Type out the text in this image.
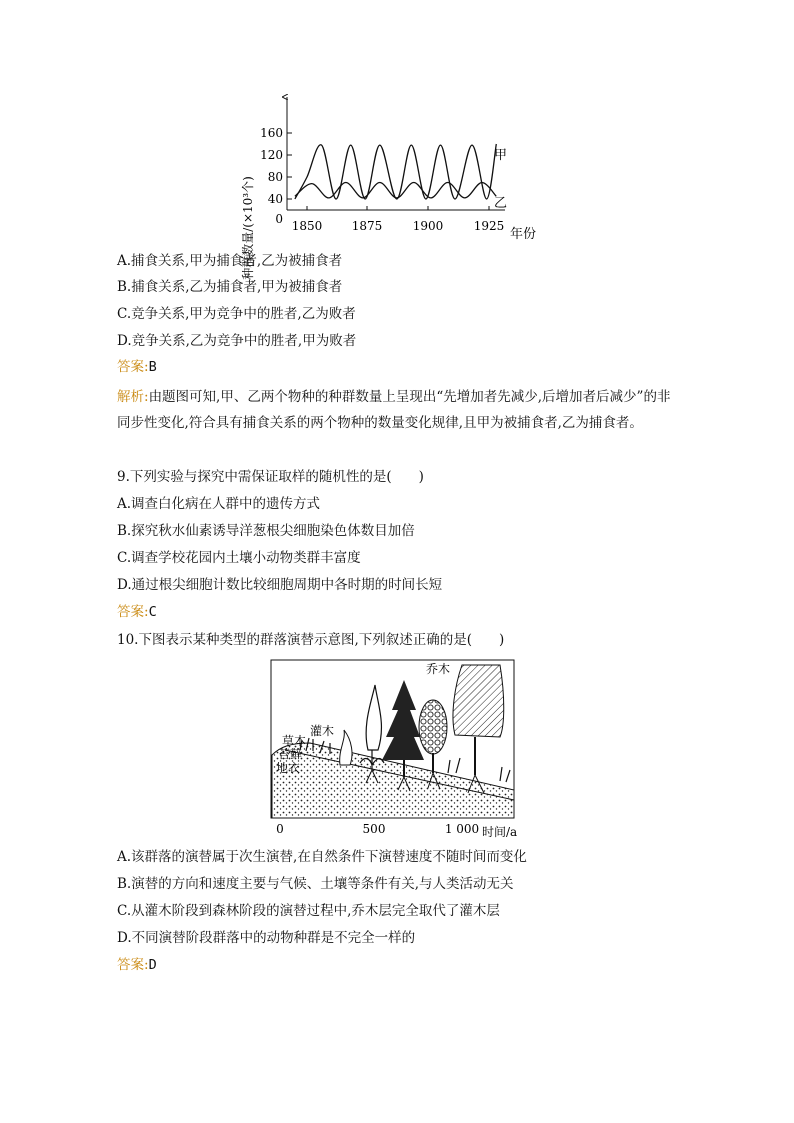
种群数量/(×10³个)
160
120
80
40
0 1850 1875	1900	1925
年份
甲
乙
A.捕食关系,甲为捕食者,乙为被捕食者
B.捕食关系,乙为捕食者,甲为被捕食者
C.竞争关系,甲为竞争中的胜者,乙为败者
D.竞争关系,乙为竞争中的胜者,甲为败者
答案:B
解析:由题图可知,甲、乙两个物种的种群数量上呈现出“先增加者先减少,后增加者后减少”的非同步性变化,符合具有捕食关系的两个物种的数量变化规律,且甲为被捕食者,乙为捕食者。
9.下列实验与探究中需保证取样的随机性的是(　　)
A.调查白化病在人群中的遗传方式
B.探究秋水仙素诱导洋葱根尖细胞染色体数目加倍
C.调查学校花园内土壤小动物类群丰富度
D.通过根尖细胞计数比较细胞周期中各时期的时间长短
答案:C
10.下图表示某种类型的群落演替示意图,下列叙述正确的是(　　)
乔木
灌木
草本
苔藓
地衣
0	500	1 000 时间/a
A.该群落的演替属于次生演替,在自然条件下演替速度不随时间而变化
B.演替的方向和速度主要与气候、土壤等条件有关,与人类活动无关
C.从灌木阶段到森林阶段的演替过程中,乔木层完全取代了灌木层
D.不同演替阶段群落中的动物种群是不完全一样的
答案:D
